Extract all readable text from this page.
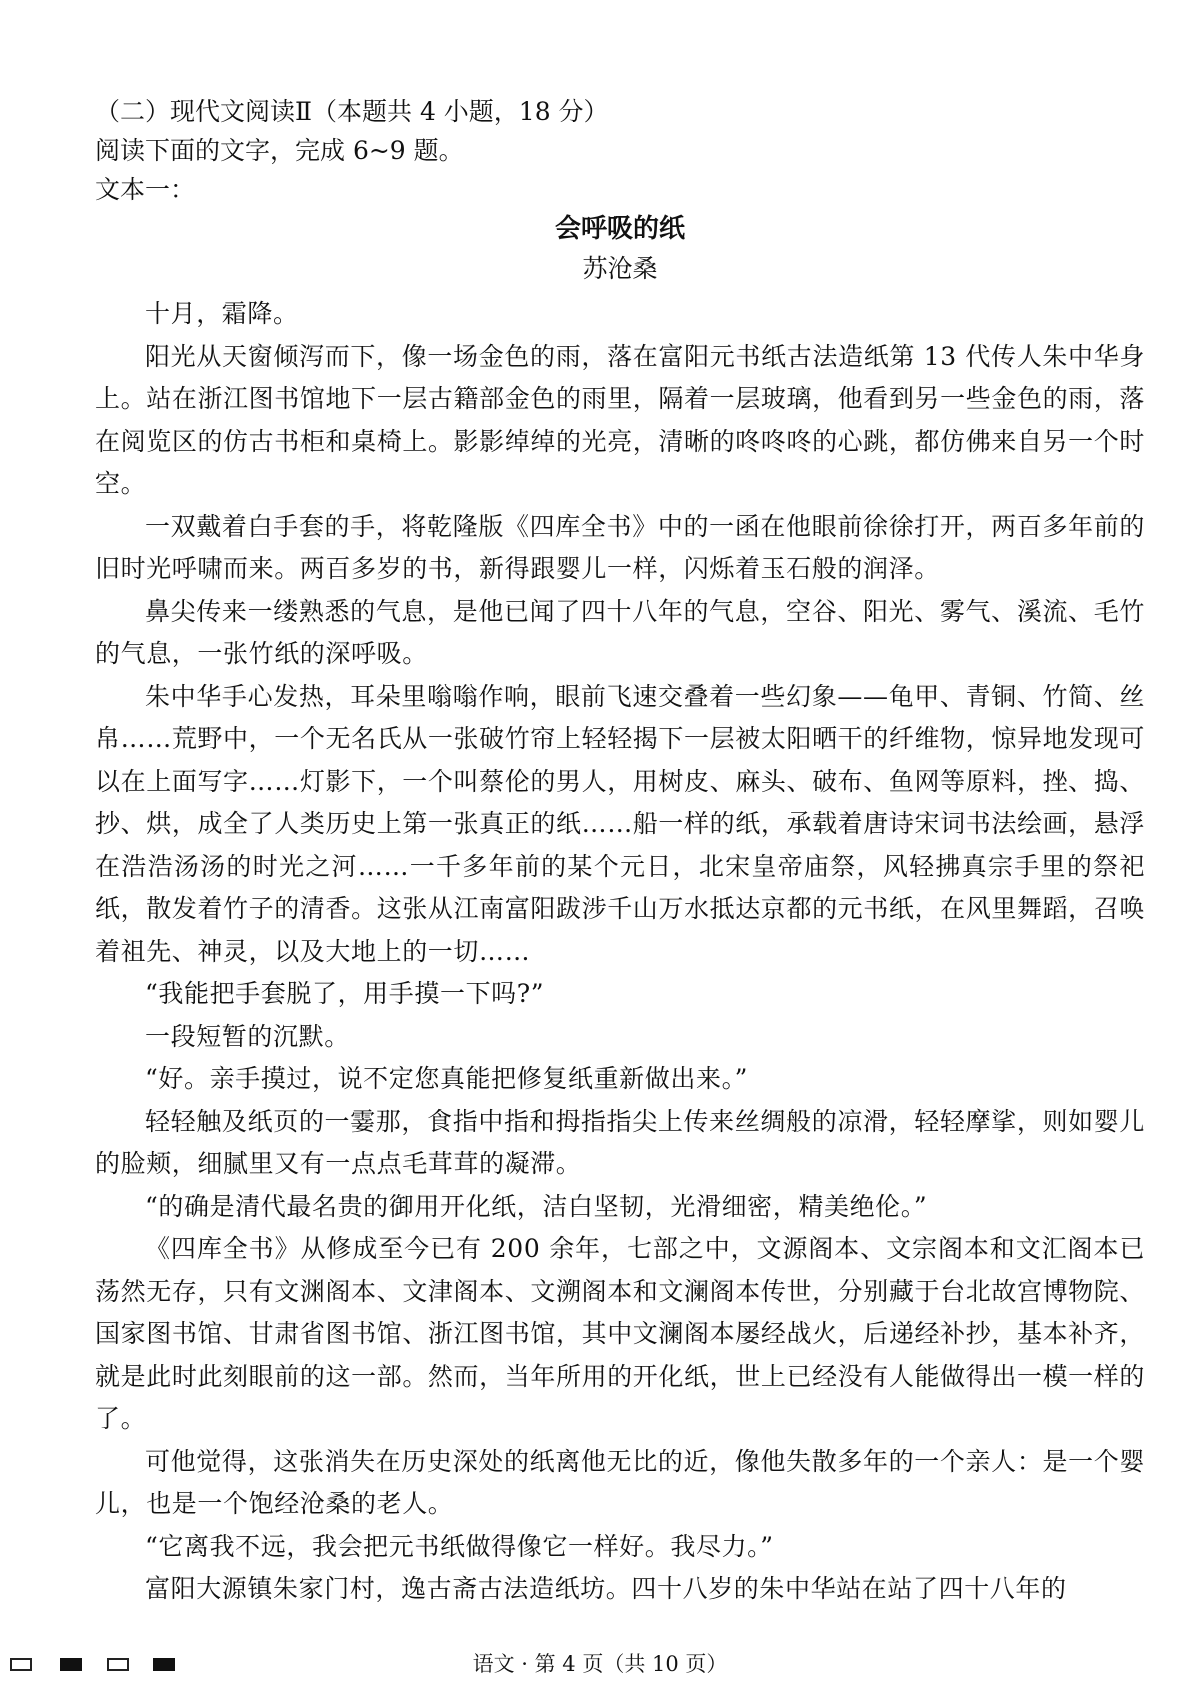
（二）现代文阅读Ⅱ（本题共 4 小题，18 分）

阅读下面的文字，完成 6~9 题。

文本一：

会呼吸的纸

苏沧桑

十月，霜降。

阳光从天窗倾泻而下，像一场金色的雨，落在富阳元书纸古法造纸第 13 代传人朱中华身上。站在浙江图书馆地下一层古籍部金色的雨里，隔着一层玻璃，他看到另一些金色的雨，落在阅览区的仿古书柜和桌椅上。影影绰绰的光亮，清晰的咚咚咚的心跳，都仿佛来自另一个时空。

一双戴着白手套的手，将乾隆版《四库全书》中的一函在他眼前徐徐打开，两百多年前的旧时光呼啸而来。两百多岁的书，新得跟婴儿一样，闪烁着玉石般的润泽。

鼻尖传来一缕熟悉的气息，是他已闻了四十八年的气息，空谷、阳光、雾气、溪流、毛竹的气息，一张竹纸的深呼吸。

朱中华手心发热，耳朵里嗡嗡作响，眼前飞速交叠着一些幻象——龟甲、青铜、竹简、丝帛……荒野中，一个无名氏从一张破竹帘上轻轻揭下一层被太阳晒干的纤维物，惊异地发现可以在上面写字……灯影下，一个叫蔡伦的男人，用树皮、麻头、破布、鱼网等原料，挫、捣、抄、烘，成全了人类历史上第一张真正的纸……船一样的纸，承载着唐诗宋词书法绘画，悬浮在浩浩汤汤的时光之河……一千多年前的某个元日，北宋皇帝庙祭，风轻拂真宗手里的祭祀纸，散发着竹子的清香。这张从江南富阳跋涉千山万水抵达京都的元书纸，在风里舞蹈，召唤着祖先、神灵，以及大地上的一切……

“我能把手套脱了，用手摸一下吗?”

一段短暂的沉默。

“好。亲手摸过，说不定您真能把修复纸重新做出来。”

轻轻触及纸页的一霎那，食指中指和拇指指尖上传来丝绸般的凉滑，轻轻摩挲，则如婴儿的脸颊，细腻里又有一点点毛茸茸的凝滞。

“的确是清代最名贵的御用开化纸，洁白坚韧，光滑细密，精美绝伦。”

《四库全书》从修成至今已有 200 余年，七部之中，文源阁本、文宗阁本和文汇阁本已荡然无存，只有文渊阁本、文津阁本、文溯阁本和文澜阁本传世，分别藏于台北故宫博物院、国家图书馆、甘肃省图书馆、浙江图书馆，其中文澜阁本屡经战火，后递经补抄，基本补齐，就是此时此刻眼前的这一部。然而，当年所用的开化纸，世上已经没有人能做得出一模一样的了。

可他觉得，这张消失在历史深处的纸离他无比的近，像他失散多年的一个亲人：是一个婴儿，也是一个饱经沧桑的老人。

“它离我不远，我会把元书纸做得像它一样好。我尽力。”

富阳大源镇朱家门村，逸古斋古法造纸坊。四十八岁的朱中华站在站了四十八年的

语文 · 第 4 页（共 10 页）
